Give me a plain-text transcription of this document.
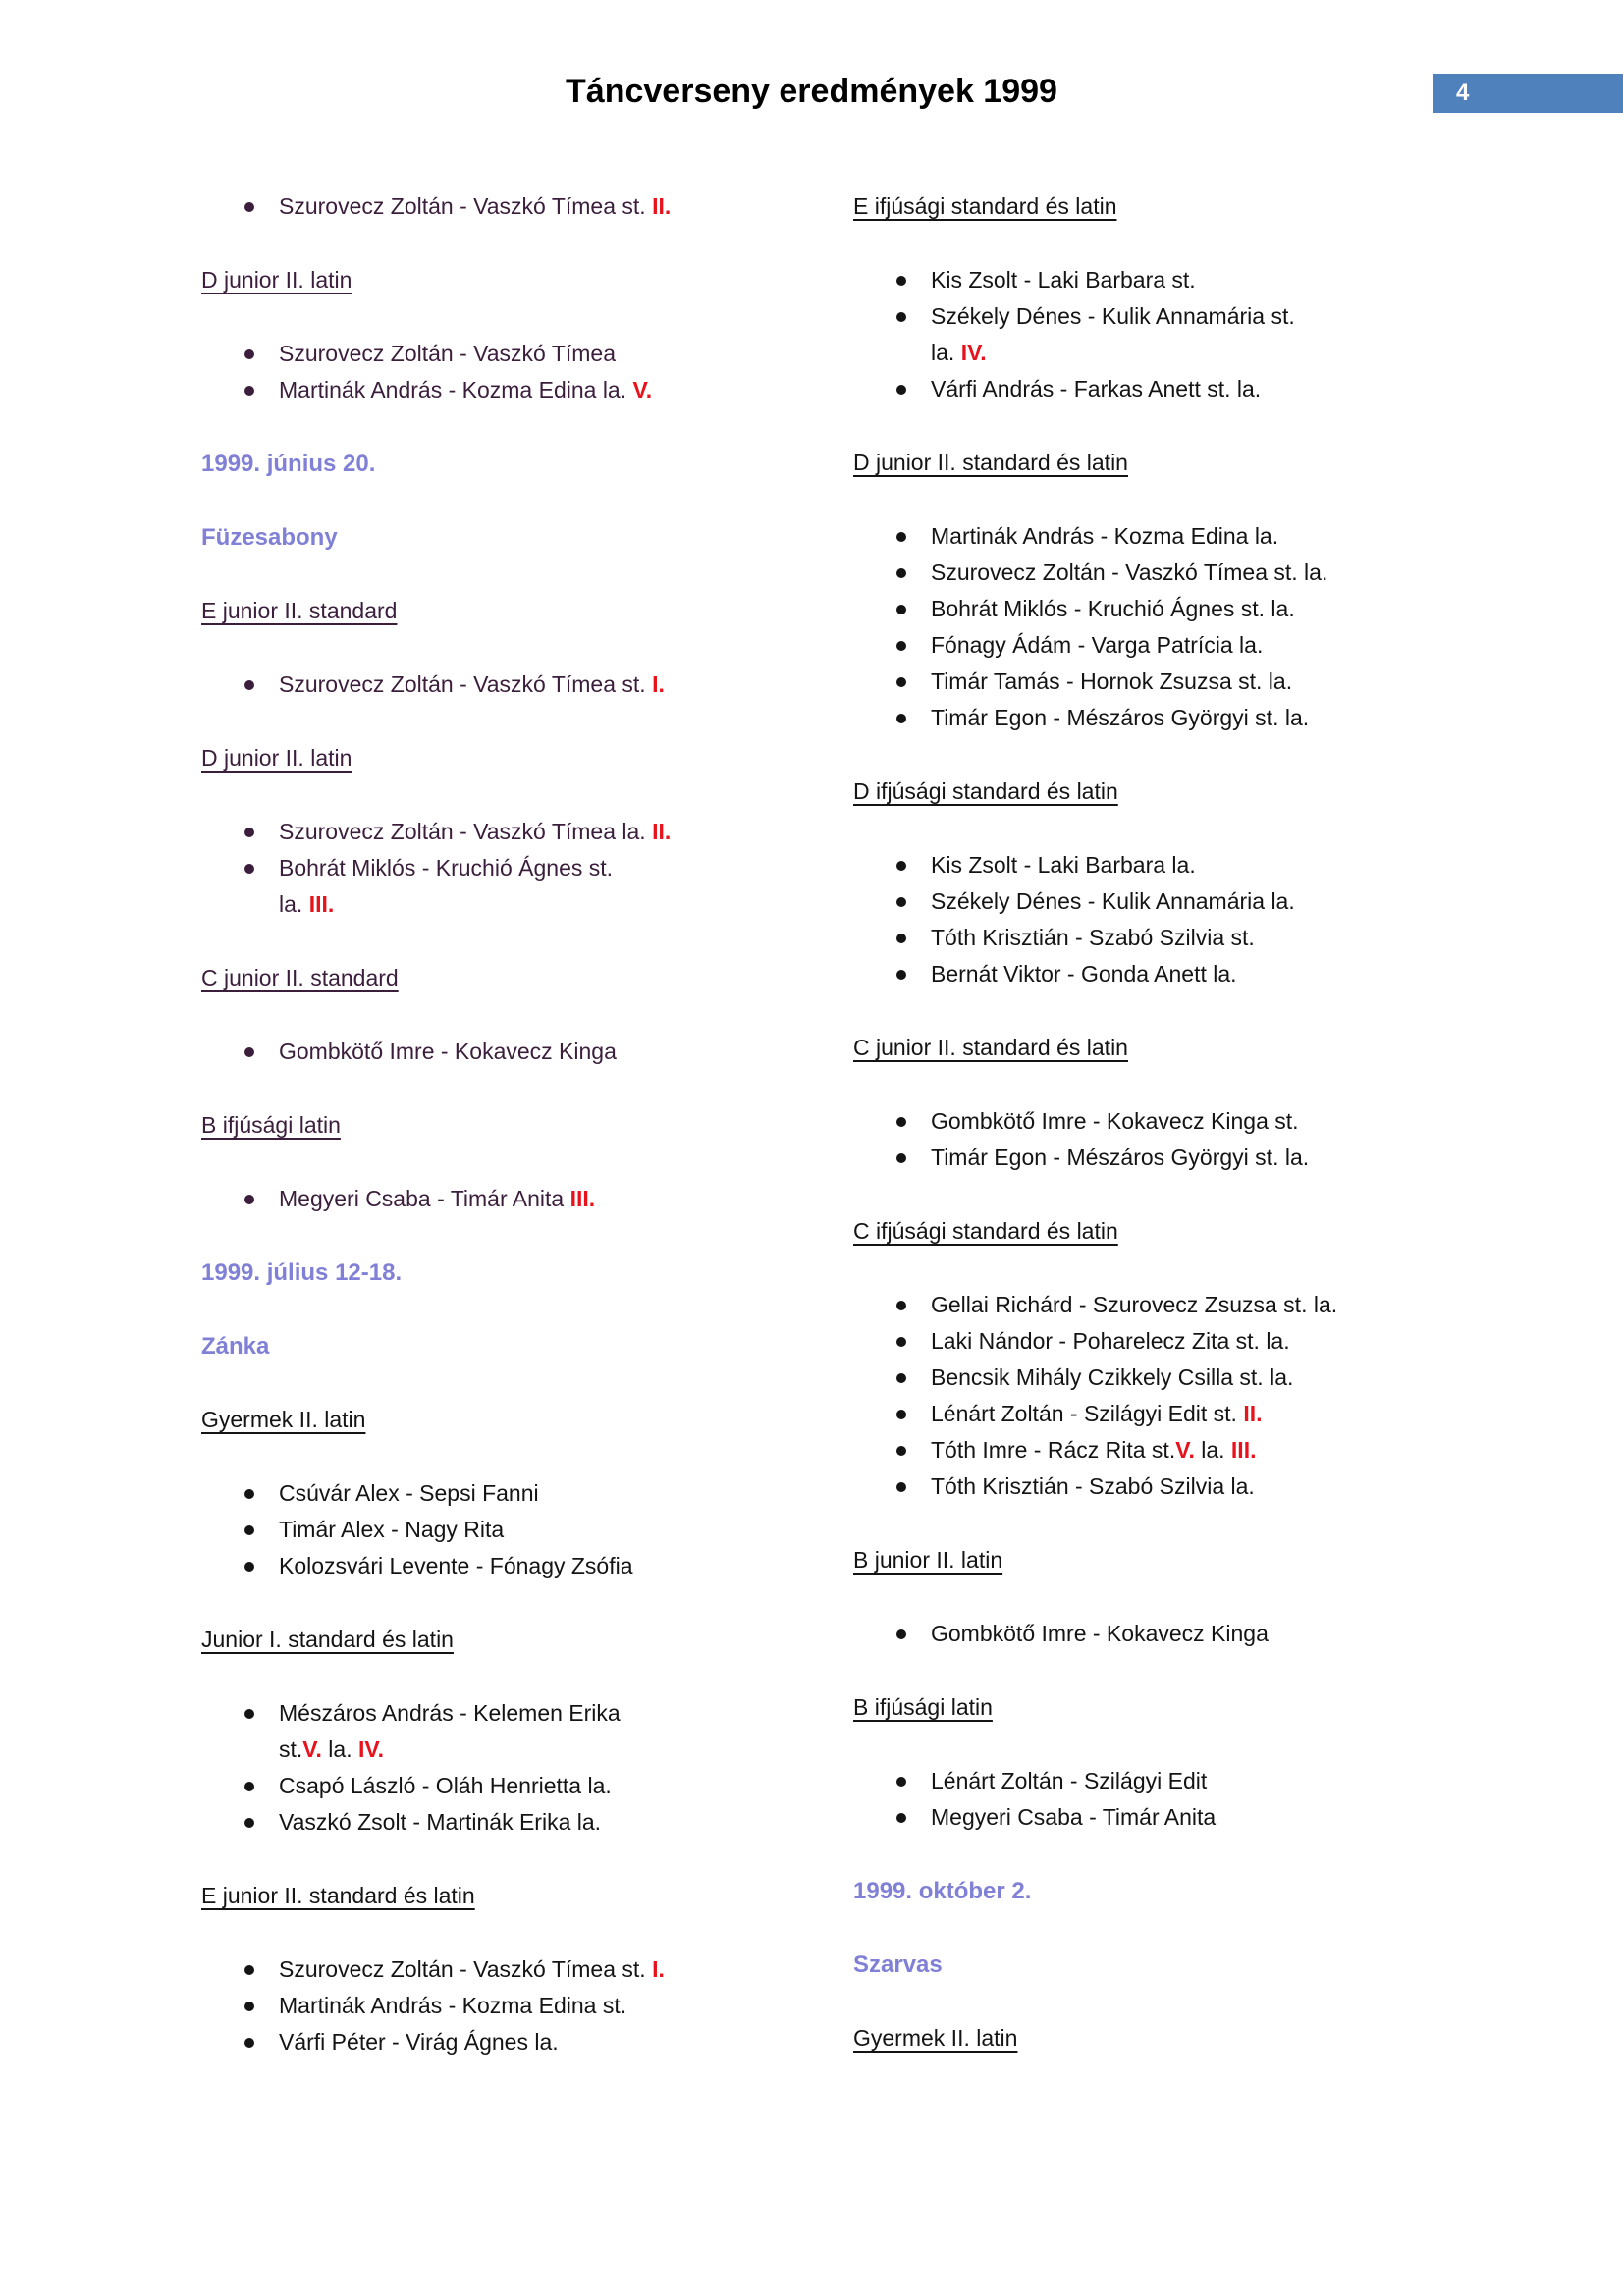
Táncverseny eredmények 1999	4
Szurovecz Zoltán - Vaszkó Tímea st. II.
D junior II. latin
Szurovecz Zoltán - Vaszkó Tímea
Martinák András - Kozma Edina la. V.
1999. június 20.
Füzesabony
E junior II. standard
Szurovecz Zoltán - Vaszkó Tímea st. I.
D junior II. latin
Szurovecz Zoltán - Vaszkó Tímea la. II.
Bohrát Miklós - Kruchió Ágnes st.
la. III.
C junior II. standard
Gombkötő Imre - Kokavecz Kinga
B ifjúsági latin
Megyeri Csaba - Timár Anita III.
1999. július 12-18.
Zánka
Gyermek II. latin
Csúvár Alex - Sepsi Fanni
Timár Alex - Nagy Rita
Kolozsvári Levente - Fónagy Zsófia
Junior I. standard és latin
Mészáros András - Kelemen Erika
st.V. la. IV.
Csapó László - Oláh Henrietta la.
Vaszkó Zsolt - Martinák Erika la.
E junior II. standard és latin
Szurovecz Zoltán - Vaszkó Tímea st. I.
Martinák András - Kozma Edina st.
Várfi Péter - Virág Ágnes la.
E ifjúsági standard és latin
Kis Zsolt - Laki Barbara st.
Székely Dénes - Kulik Annamária st.
la. IV.
Várfi András - Farkas Anett st. la.
D junior II. standard és latin
Martinák András - Kozma Edina la.
Szurovecz Zoltán - Vaszkó Tímea st. la.
Bohrát Miklós - Kruchió Ágnes st. la.
Fónagy Ádám - Varga Patrícia la.
Timár Tamás - Hornok Zsuzsa st. la.
Timár Egon - Mészáros Györgyi st. la.
D ifjúsági standard és latin
Kis Zsolt - Laki Barbara la.
Székely Dénes - Kulik Annamária la.
Tóth Krisztián - Szabó Szilvia st.
Bernát Viktor - Gonda Anett la.
C junior II. standard és latin
Gombkötő Imre - Kokavecz Kinga st.
Timár Egon - Mészáros Györgyi st. la.
C ifjúsági standard és latin
Gellai Richárd - Szurovecz Zsuzsa st. la.
Laki Nándor - Poharelecz Zita st. la.
Bencsik Mihály Czikkely Csilla st. la.
Lénárt Zoltán - Szilágyi Edit st. II.
Tóth Imre - Rácz Rita st.V. la. III.
Tóth Krisztián - Szabó Szilvia la.
B junior II. latin
Gombkötő Imre - Kokavecz Kinga
B ifjúsági latin
Lénárt Zoltán - Szilágyi Edit
Megyeri Csaba - Timár Anita
1999. október 2.
Szarvas
Gyermek II. latin
